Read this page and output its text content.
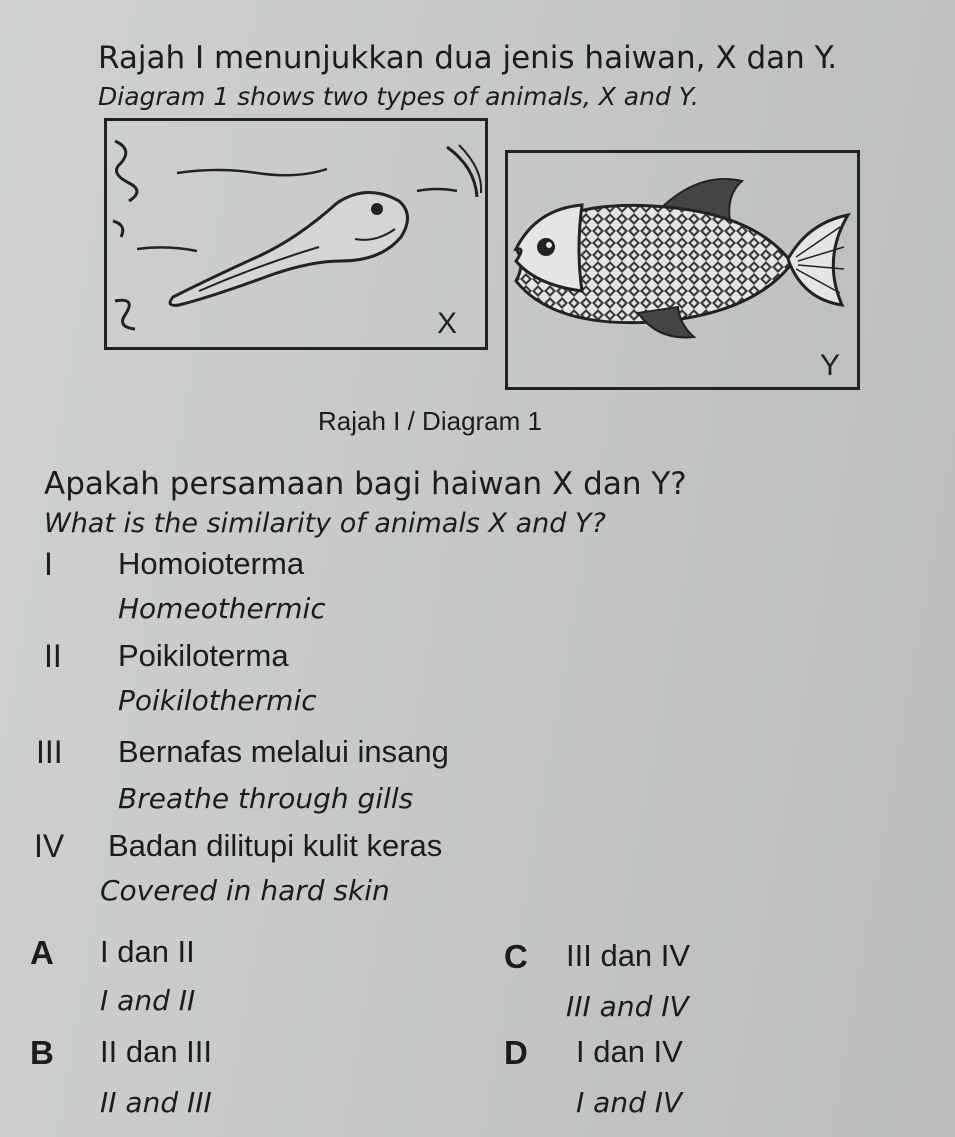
Rajah I menunjukkan dua jenis haiwan, X dan Y.
Diagram 1 shows two types of animals, X and Y.
X
Y
Rajah I / Diagram 1
Apakah persamaan bagi haiwan X dan Y?
What is the similarity of animals X and Y?
I Homoioterma
Homeothermic
II Poikiloterma
Poikilothermic
III Bernafas melalui insang
Breathe through gills
IV Badan dilitupi kulit keras
Covered in hard skin
A I dan II
I and II
B II dan III
II and III
C III dan IV
III and IV
D I dan IV
I and IV
